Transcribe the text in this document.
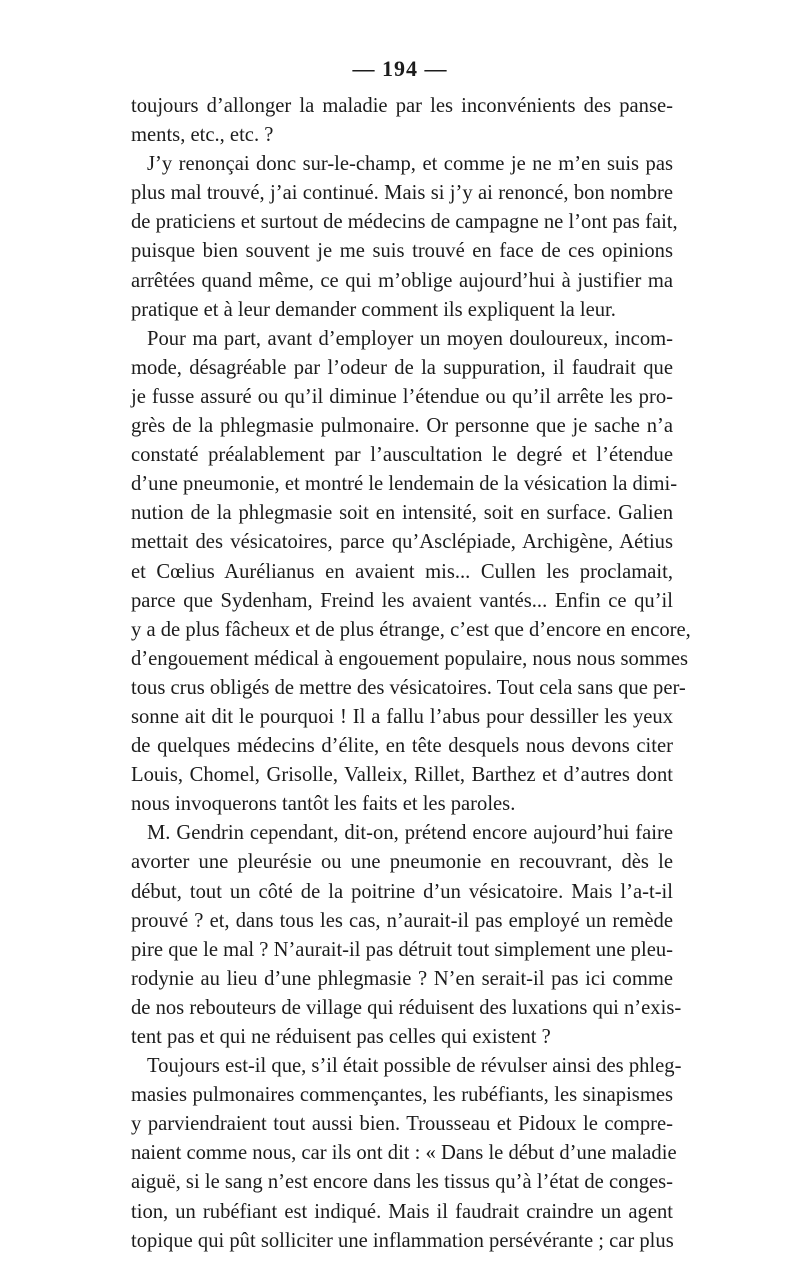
— 194 —
toujours d’allonger la maladie par les inconvénients des panse-
ments, etc., etc. ?
J’y renonçai donc sur-le-champ, et comme je ne m’en suis pas
plus mal trouvé, j’ai continué. Mais si j’y ai renoncé, bon nombre
de praticiens et surtout de médecins de campagne ne l’ont pas fait,
puisque bien souvent je me suis trouvé en face de ces opinions
arrêtées quand même, ce qui m’oblige aujourd’hui à justifier ma
pratique et à leur demander comment ils expliquent la leur.
Pour ma part, avant d’employer un moyen douloureux, incom-
mode, désagréable par l’odeur de la suppuration, il faudrait que
je fusse assuré ou qu’il diminue l’étendue ou qu’il arrête les pro-
grès de la phlegmasie pulmonaire. Or personne que je sache n’a
constaté préalablement par l’auscultation le degré et l’étendue
d’une pneumonie, et montré le lendemain de la vésication la dimi-
nution de la phlegmasie soit en intensité, soit en surface. Galien
mettait des vésicatoires, parce qu’Asclépiade, Archigène, Aétius
et Cœlius Aurélianus en avaient mis... Cullen les proclamait,
parce que Sydenham, Freind les avaient vantés... Enfin ce qu’il
y a de plus fâcheux et de plus étrange, c’est que d’encore en encore,
d’engouement médical à engouement populaire, nous nous sommes
tous crus obligés de mettre des vésicatoires. Tout cela sans que per-
sonne ait dit le pourquoi ! Il a fallu l’abus pour dessiller les yeux
de quelques médecins d’élite, en tête desquels nous devons citer
Louis, Chomel, Grisolle, Valleix, Rillet, Barthez et d’autres dont
nous invoquerons tantôt les faits et les paroles.
M. Gendrin cependant, dit-on, prétend encore aujourd’hui faire
avorter une pleurésie ou une pneumonie en recouvrant, dès le
début, tout un côté de la poitrine d’un vésicatoire. Mais l’a-t-il
prouvé ? et, dans tous les cas, n’aurait-il pas employé un remède
pire que le mal ? N’aurait-il pas détruit tout simplement une pleu-
rodynie au lieu d’une phlegmasie ? N’en serait-il pas ici comme
de nos rebouteurs de village qui réduisent des luxations qui n’exis-
tent pas et qui ne réduisent pas celles qui existent ?
Toujours est-il que, s’il était possible de révulser ainsi des phleg-
masies pulmonaires commençantes, les rubéfiants, les sinapismes
y parviendraient tout aussi bien. Trousseau et Pidoux le compre-
naient comme nous, car ils ont dit : « Dans le début d’une maladie
aiguë, si le sang n’est encore dans les tissus qu’à l’état de conges-
tion, un rubéfiant est indiqué. Mais il faudrait craindre un agent
topique qui pût solliciter une inflammation persévérante ; car plus
